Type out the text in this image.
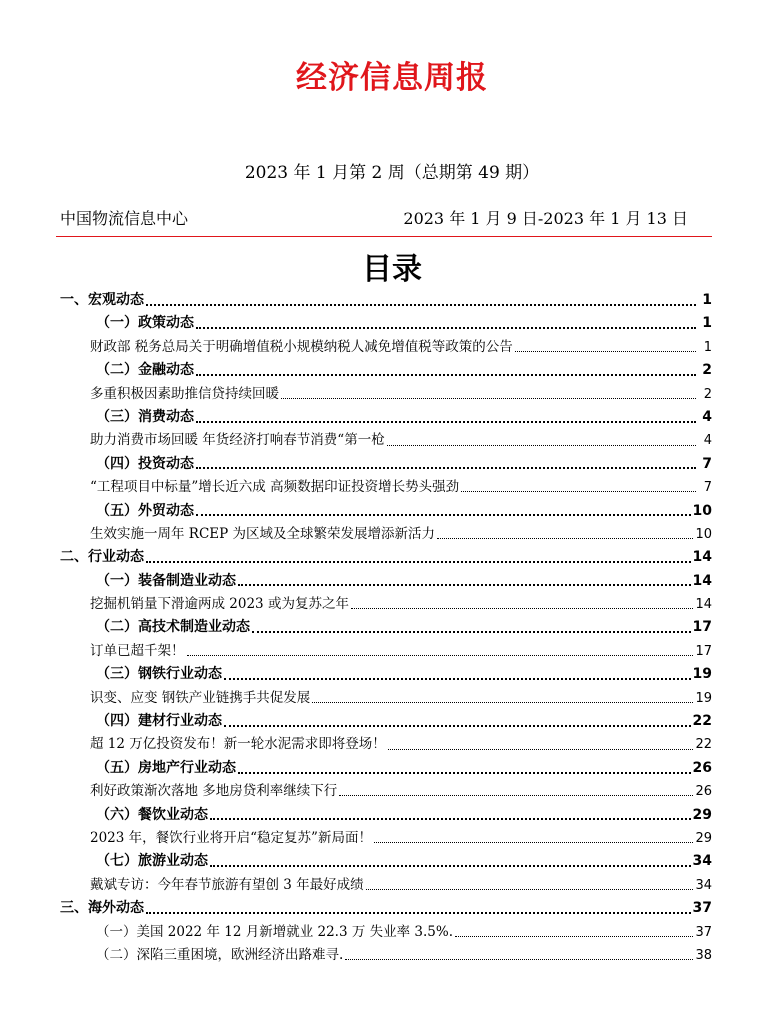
经济信息周报
2023 年 1 月第 2 周（总期第 49 期）
中国物流信息中心	2023 年 1 月 9 日-2023 年 1 月 13 日
目录
一、宏观动态	1
（一）政策动态	1
财政部 税务总局关于明确增值税小规模纳税人减免增值税等政策的公告	1
（二）金融动态	2
多重积极因素助推信贷持续回暖	2
（三）消费动态	4
助力消费市场回暖 年货经济打响春节消费“第一枪	4
（四）投资动态	7
“工程项目中标量”增长近六成 高频数据印证投资增长势头强劲	7
（五）外贸动态	10
生效实施一周年 RCEP 为区域及全球繁荣发展增添新活力	10
二、行业动态	14
（一）装备制造业动态	14
挖掘机销量下滑逾两成 2023 或为复苏之年	14
（二）高技术制造业动态	17
订单已超千架！	17
（三）钢铁行业动态	19
识变、应变 钢铁产业链携手共促发展	19
（四）建材行业动态	22
超 12 万亿投资发布！新一轮水泥需求即将登场！	22
（五）房地产行业动态	26
利好政策渐次落地 多地房贷利率继续下行	26
（六）餐饮业动态	29
2023 年，餐饮行业将开启“稳定复苏”新局面！	29
（七）旅游业动态	34
戴斌专访：今年春节旅游有望创 3 年最好成绩	34
三、海外动态	37
（一）美国 2022 年 12 月新增就业 22.3 万 失业率 3.5%.	37
（二）深陷三重困境，欧洲经济出路难寻.	38
